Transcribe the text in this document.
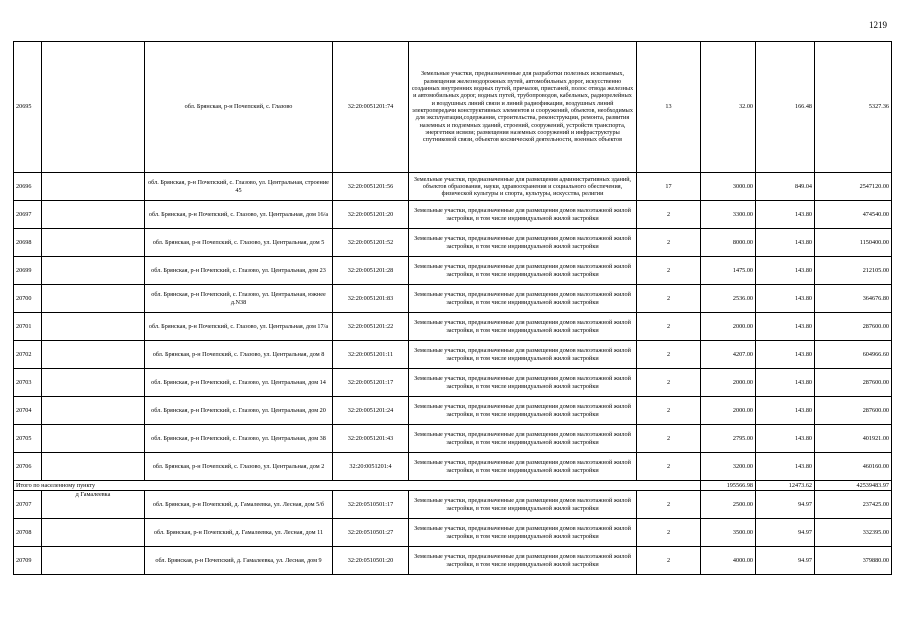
1219
20695		обл. Брянская, р-н Почепский, с. Глазово	32:20:0051201:74	Земельные участки, предназначенные для разработки полезных ископаемых, размещения железнодорожных путей, автомобильных дорог, искусственно созданных внутренних водных путей, причалов, пристаней, полос отвода железных и автомобильных дорог, водных путей, трубопроводов, кабельных, радиорелейных и воздушных линий связи и линий радиофикации, воздушных линий электропередачи конструктивных элементов и сооружений, объектов, необходимых для эксплуатации,содержания, строительства, реконструкции, ремонта, развития наземных и подземных зданий, строений, сооружений, устройств транспорта, энергетики исвязи; размещения наземных сооружений и инфраструктуры спутниковой связи, объектов космической деятельности, военных объектов	13	32.00	166.48	5327.36
20696		обл. Брянская, р-н Почепский, с. Глазово, ул. Центральная, строение 45	32:20:0051201:56	Земельные участки, предназначенные для размещения административных зданий, объектов образования, науки, здравоохранения и социального обеспечения, физической культуры и спорта, культуры, искусства, религии	17	3000.00	849.04	2547120.00
20697		обл. Брянская, р-н Почепский, с. Глазово, ул. Центральная, дом 16/а	32:20:0051201:20	Земельные участки, предназначенные для размещения домов малоэтажной жилой застройки, в том числе индивидуальной жилой застройки	2	3300.00	143.80	474540.00
20698		обл. Брянская, р-н Почепский, с. Глазово, ул. Центральная, дом 5	32:20:0051201:52	Земельные участки, предназначенные для размещения домов малоэтажной жилой застройки, в том числе индивидуальной жилой застройки	2	8000.00	143.80	1150400.00
20699		обл. Брянская, р-н Почепский, с. Глазово, ул. Центральная, дом 23	32:20:0051201:28	Земельные участки, предназначенные для размещения домов малоэтажной жилой застройки, в том числе индивидуальной жилой застройки	2	1475.00	143.80	212105.00
20700		обл. Брянская, р-н Почепский, с. Глазово, ул. Центральная, южнее д.N38	32:20:0051201:83	Земельные участки, предназначенные для размещения домов малоэтажной жилой застройки, в том числе индивидуальной жилой застройки	2	2536.00	143.80	364676.80
20701		обл. Брянская, р-н Почепский, с. Глазово, ул. Центральная, дом 17/а	32:20:0051201:22	Земельные участки, предназначенные для размещения домов малоэтажной жилой застройки, в том числе индивидуальной жилой застройки	2	2000.00	143.80	287600.00
20702		обл. Брянская, р-н Почепский, с. Глазово, ул. Центральная, дом 8	32:20:0051201:11	Земельные участки, предназначенные для размещения домов малоэтажной жилой застройки, в том числе индивидуальной жилой застройки	2	4207.00	143.80	604966.60
20703		обл. Брянская, р-н Почепский, с. Глазово, ул. Центральная, дом 14	32:20:0051201:17	Земельные участки, предназначенные для размещения домов малоэтажной жилой застройки, в том числе индивидуальной жилой застройки	2	2000.00	143.80	287600.00
20704		обл. Брянская, р-н Почепский, с. Глазово, ул. Центральная, дом 20	32:20:0051201:24	Земельные участки, предназначенные для размещения домов малоэтажной жилой застройки, в том числе индивидуальной жилой застройки	2	2000.00	143.80	287600.00
20705		обл. Брянская, р-н Почепский, с. Глазово, ул. Центральная, дом 38	32:20:0051201:43	Земельные участки, предназначенные для размещения домов малоэтажной жилой застройки, в том числе индивидуальной жилой застройки	2	2795.00	143.80	401921.00
20706		обл. Брянская, р-н Почепский, с. Глазово, ул. Центральная, дом 2	32:20:0051201:4	Земельные участки, предназначенные для размещения домов малоэтажной жилой застройки, в том числе индивидуальной жилой застройки	2	3200.00	143.80	460160.00
Итого по населенному пункту						195566.98	12473.62	42539483.97
20707	д Гамалеевка	обл. Брянская, р-н Почепский, д. Гамалеевка, ул. Лесная, дом 5/б	32:20:0510501:17	Земельные участки, предназначенные для размещения домов малоэтажной жилой застройки, в том числе индивидуальной жилой застройки	2	2500.00	94.97	237425.00
20708		обл. Брянская, р-н Почепский, д. Гамалеевка, ул. Лесная, дом 11	32:20:0510501:27	Земельные участки, предназначенные для размещения домов малоэтажной жилой застройки, в том числе индивидуальной жилой застройки	2	3500.00	94.97	332395.00
20709		обл. Брянская, р-н Почепский, д. Гамалеевка, ул. Лесная, дом 9	32:20:0510501:20	Земельные участки, предназначенные для размещения домов малоэтажной жилой застройки, в том числе индивидуальной жилой застройки	2	4000.00	94.97	379880.00
